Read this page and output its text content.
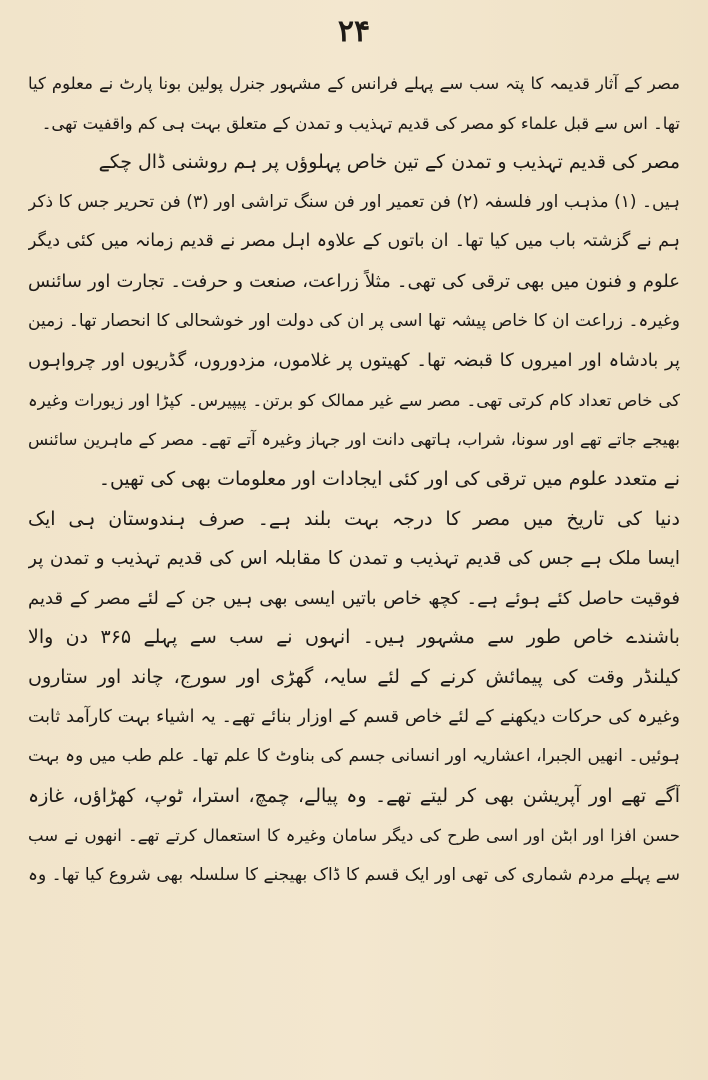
۲۴
مصر کے آثار قدیمہ کا پتہ سب سے پہلے فرانس کے مشہور جنرل پولین بونا پارٹ نے معلوم کیا
تھا۔ اس سے قبل علماء کو مصر کی قدیم تہذیب و تمدن کے متعلق بہت ہی کم واقفیت تھی۔
مصر کی قدیم تہذیب و تمدن کے تین خاص پہلوؤں پر ہم روشنی ڈال چکے
ہیں۔ (۱) مذہب اور فلسفہ (۲) فن تعمیر اور فن سنگ تراشی اور (۳) فن تحریر جس کا ذکر
ہم نے گزشتہ باب میں کیا تھا۔ ان باتوں کے علاوہ اہل مصر نے قدیم زمانہ میں کئی دیگر
علوم و فنون میں بھی ترقی کی تھی۔ مثلاً زراعت، صنعت و حرفت۔ تجارت اور سائنس
وغیرہ۔ زراعت ان کا خاص پیشہ تھا اسی پر ان کی دولت اور خوشحالی کا انحصار تھا۔ زمین
پر بادشاہ اور امیروں کا قبضہ تھا۔ کھیتوں پر غلاموں، مزدوروں، گڈریوں اور چرواہوں
کی خاص تعداد کام کرتی تھی۔ مصر سے غیر ممالک کو برتن۔ پیپیرس۔ کپڑا اور زیورات وغیرہ
بھیجے جاتے تھے اور سونا، شراب، ہاتھی دانت اور جہاز وغیرہ آتے تھے۔ مصر کے ماہرین سائنس
نے متعدد علوم میں ترقی کی اور کئی ایجادات اور معلومات بھی کی تھیں۔
دنیا کی تاریخ میں مصر کا درجہ بہت بلند ہے۔ صرف ہندوستان ہی ایک
ایسا ملک ہے جس کی قدیم تہذیب و تمدن کا مقابلہ اس کی قدیم تہذیب و تمدن پر
فوقیت حاصل کئے ہوئے ہے۔ کچھ خاص باتیں ایسی بھی ہیں جن کے لئے مصر کے قدیم
باشندے خاص طور سے مشہور ہیں۔ انہوں نے سب سے پہلے ۳۶۵ دن والا
کیلنڈر وقت کی پیمائش کرنے کے لئے سایہ، گھڑی اور سورج، چاند اور ستاروں
وغیرہ کی حرکات دیکھنے کے لئے خاص قسم کے اوزار بنائے تھے۔ یہ اشیاء بہت کارآمد ثابت
ہوئیں۔ انھیں الجبرا، اعشاریہ اور انسانی جسم کی بناوٹ کا علم تھا۔ علم طب میں وہ بہت
آگے تھے اور آپریشن بھی کر لیتے تھے۔ وہ پیالے، چمچ، استرا، ٹوپ، کھڑاؤں، غازہ
حسن افزا اور ابٹن اور اسی طرح کی دیگر سامان وغیرہ کا استعمال کرتے تھے۔ انھوں نے سب
سے پہلے مردم شماری کی تھی اور ایک قسم کا ڈاک بھیجنے کا سلسلہ بھی شروع کیا تھا۔ وہ
